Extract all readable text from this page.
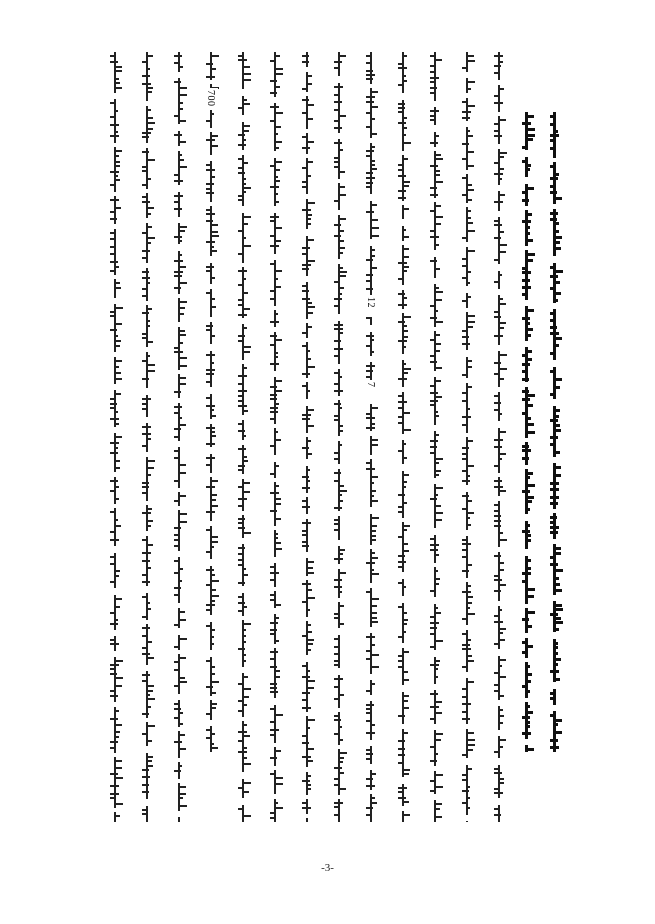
700
12
7
-3-
